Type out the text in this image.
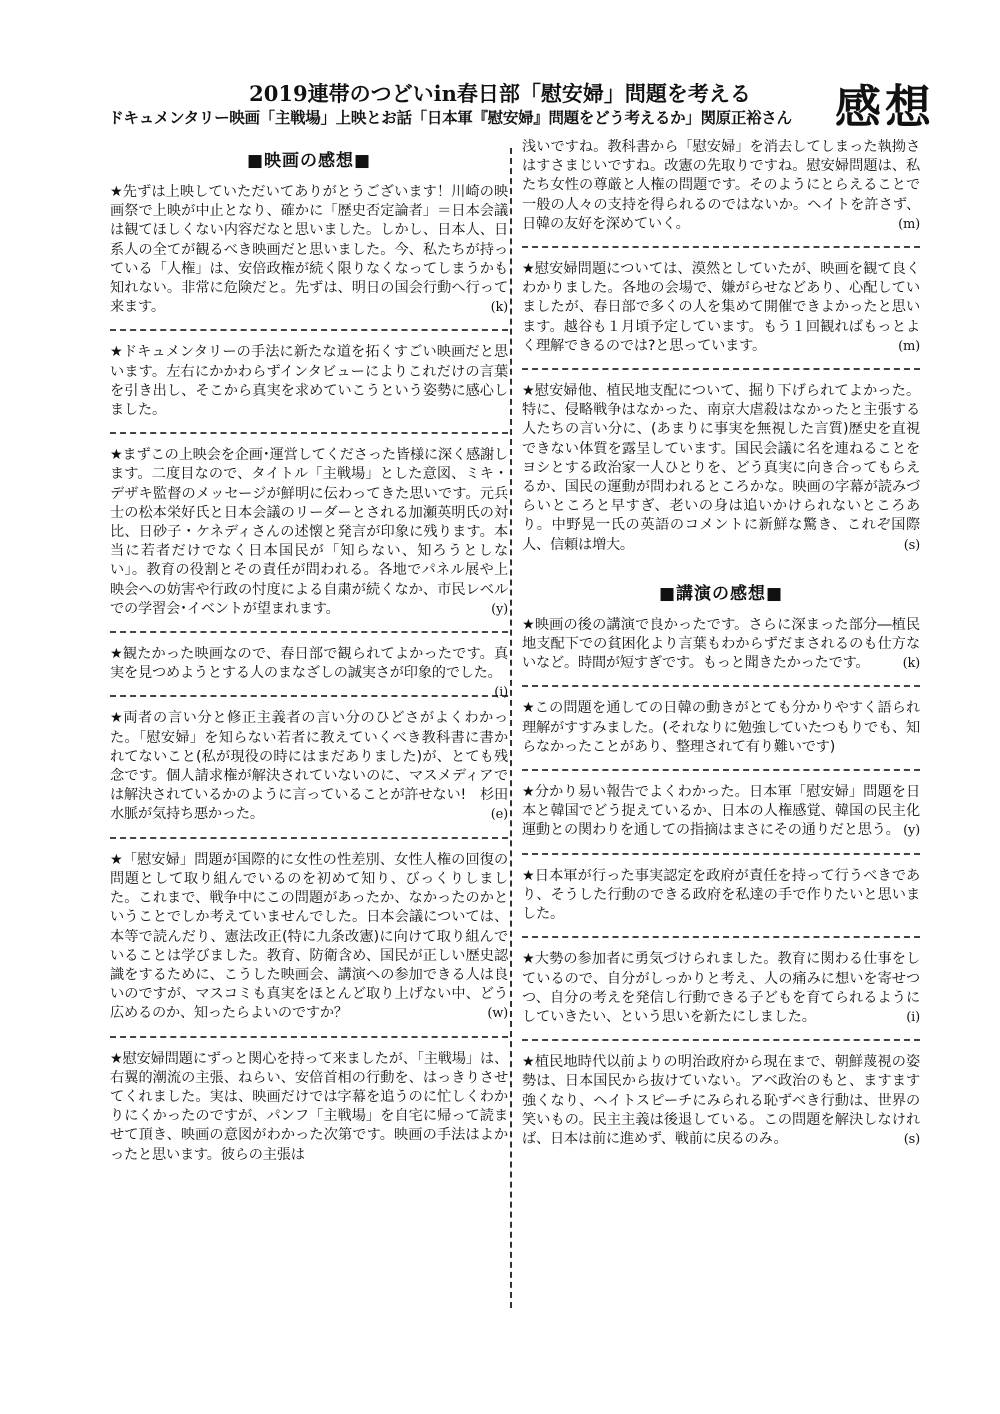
2019連帯のつどいin春日部「慰安婦」問題を考える
ドキュメンタリー映画「主戦場」上映とお話「日本軍『慰安婦』問題をどう考えるか」関原正裕さん 感想
■映画の感想■
★先ずは上映していただいてありがとうございます！川崎の映画祭で上映が中止となり、確かに「歴史否定論者」＝日本会議は観てほしくない内容だなと思いました。しかし、日本人、日系人の全てが観るべき映画だと思いました。今、私たちが持っている「人権」は、安倍政権が続く限りなくなってしまうかも知れない。非常に危険だと。先ずは、明日の国会行動へ行って来ます。	(k)
★ドキュメンタリーの手法に新たな道を拓くすごい映画だと思います。左右にかかわらずインタビューによりこれだけの言葉を引き出し、そこから真実を求めていこうという姿勢に感心しました。
★まずこの上映会を企画･運営してくださった皆様に深く感謝します。二度目なので、タイトル「主戦場」とした意図、ミキ・デザキ監督のメッセージが鮮明に伝わってきた思いです。元兵士の松本栄好氏と日本会議のリーダーとされる加瀬英明氏の対比、日砂子・ケネディさんの述懐と発言が印象に残ります。本当に若者だけでなく日本国民が「知らない、知ろうとしない」。教育の役割とその責任が問われる。各地でパネル展や上映会への妨害や行政の忖度による自粛が続くなか、市民レベルでの学習会･イベントが望まれます。	(y)
★観たかった映画なので、春日部で観られてよかったです。真実を見つめようとする人のまなざしの誠実さが印象的でした。
(i)
★両者の言い分と修正主義者の言い分のひどさがよくわかった。「慰安婦」を知らない若者に教えていくべき教科書に書かれてないこと(私が現役の時にはまだありました)が、とても残念です。個人請求権が解決されていないのに、マスメディアでは解決されているかのように言っていることが許せない!　杉田水脈が気持ち悪かった。	(e)
★「慰安婦」問題が国際的に女性の性差別、女性人権の回復の問題として取り組んでいるのを初めて知り、びっくりしました。これまで、戦争中にこの問題があったか、なかったのかということでしか考えていませんでした。日本会議については、本等で読んだり、憲法改正(特に九条改憲)に向けて取り組んでいることは学びました。教育、防衛含め、国民が正しい歴史認識をするために、こうした映画会、講演への参加できる人は良いのですが、マスコミも真実をほとんど取り上げない中、どう広めるのか、知ったらよいのですか？	(w)
★慰安婦問題にずっと関心を持って来ましたが、「主戦場」は、右翼的潮流の主張、ねらい、安倍首相の行動を、はっきりさせてくれました。実は、映画だけでは字幕を追うのに忙しくわかりにくかったのですが、パンフ「主戦場」を自宅に帰って読ませて頂き、映画の意図がわかった次第です。映画の手法はよかったと思います。彼らの主張は
浅いですね。教科書から「慰安婦」を消去してしまった執拗さはすさまじいですね。改憲の先取りですね。慰安婦問題は、私たち女性の尊厳と人権の問題です。そのようにとらえることで一般の人々の支持を得られるのではないか。ヘイトを許さず、日韓の友好を深めていく。	(m)
★慰安婦問題については、漠然としていたが、映画を観て良くわかりました。各地の会場で、嫌がらせなどあり、心配していましたが、春日部で多くの人を集めて開催できよかったと思います。越谷も１月頃予定しています。もう１回観ればもっとよく理解できるのでは?と思っています。	(m)
★慰安婦他、植民地支配について、掘り下げられてよかった。特に、侵略戦争はなかった、南京大虐殺はなかったと主張する人たちの言い分に、(あまりに事実を無視した言質)歴史を直視できない体質を露呈しています。国民会議に名を連ねることをヨシとする政治家一人ひとりを、どう真実に向き合ってもらえるか、国民の運動が問われるところかな。映画の字幕が読みづらいところと早すぎ、老いの身は追いかけられないところあり。中野晃一氏の英語のコメントに新鮮な驚き、これぞ国際人、信頼は増大。	(s)
■講演の感想■
★映画の後の講演で良かったです。さらに深まった部分―植民地支配下での貧困化より言葉もわからずだまされるのも仕方ないなど。時間が短すぎです。もっと聞きたかったです。	(k)
★この問題を通しての日韓の動きがとても分かりやすく語られ理解がすすみました。(それなりに勉強していたつもりでも、知らなかったことがあり、整理されて有り難いです)
★分かり易い報告でよくわかった。日本軍「慰安婦」問題を日本と韓国でどう捉えているか、日本の人権感覚、韓国の民主化運動との関わりを通しての指摘はまさにその通りだと思う。 (y)
★日本軍が行った事実認定を政府が責任を持って行うべきであり、そうした行動のできる政府を私達の手で作りたいと思いました。
★大勢の参加者に勇気づけられました。教育に関わる仕事をしているので、自分がしっかりと考え、人の痛みに想いを寄せつつ、自分の考えを発信し行動できる子どもを育てられるようにしていきたい、という思いを新たにしました。	(i)
★植民地時代以前よりの明治政府から現在まで、朝鮮蔑視の姿勢は、日本国民から抜けていない。アベ政治のもと、ますます強くなり、ヘイトスピーチにみられる恥ずべき行動は、世界の笑いもの。民主主義は後退している。この問題を解決しなければ、日本は前に進めず、戦前に戻るのみ。	(s)
